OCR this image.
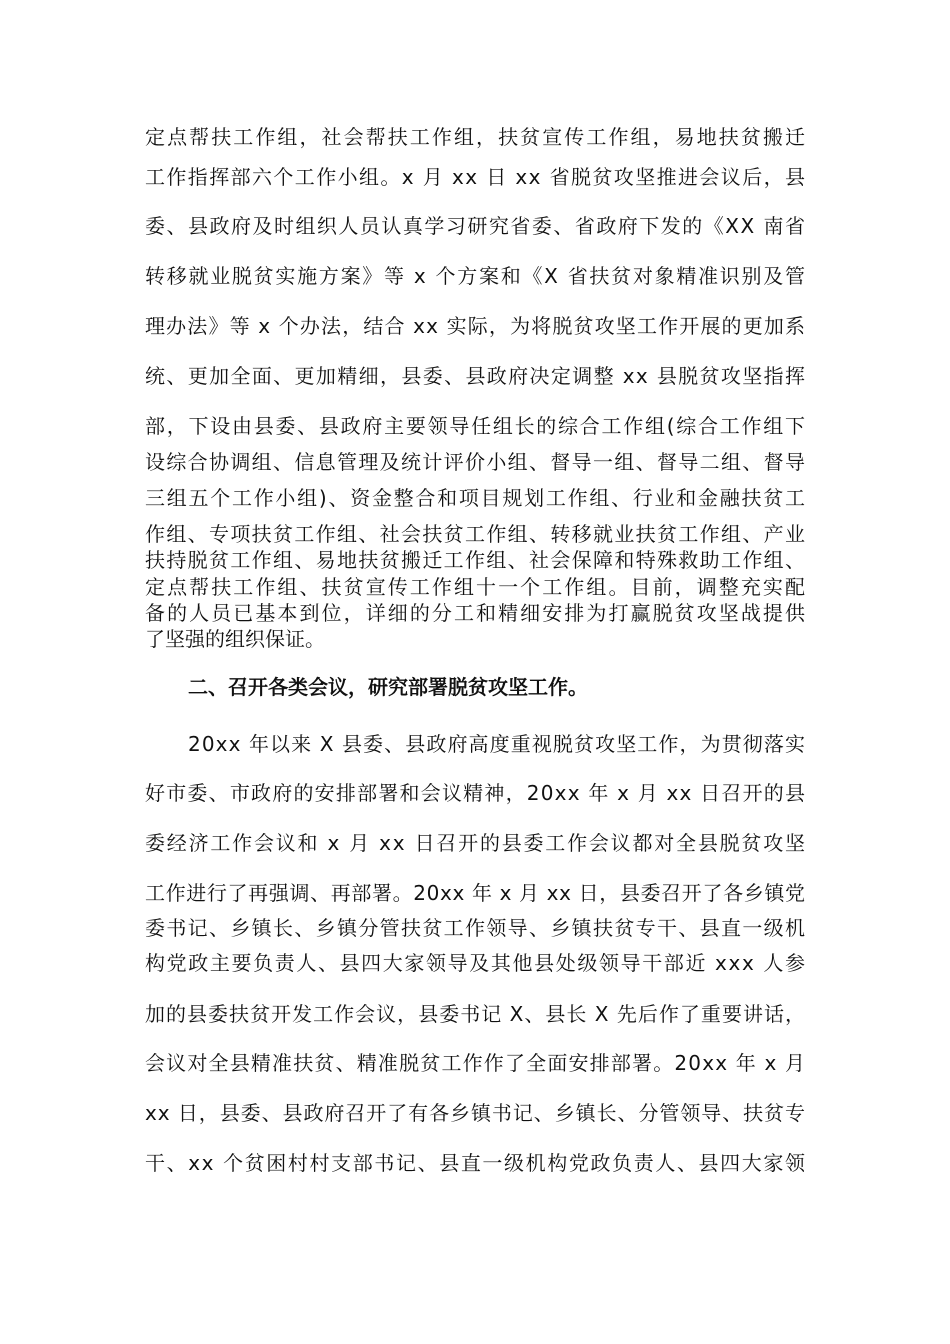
定点帮扶工作组，社会帮扶工作组，扶贫宣传工作组，易地扶贫搬迁
工作指挥部六个工作小组。x 月 xx 日 xx 省脱贫攻坚推进会议后，县
委、县政府及时组织人员认真学习研究省委、省政府下发的《XX 南省
转移就业脱贫实施方案》等 x 个方案和《X 省扶贫对象精准识别及管
理办法》等 x 个办法，结合 xx 实际，为将脱贫攻坚工作开展的更加系
统、更加全面、更加精细，县委、县政府决定调整 xx 县脱贫攻坚指挥
部，下设由县委、县政府主要领导任组长的综合工作组(综合工作组下
设综合协调组、信息管理及统计评价小组、督导一组、督导二组、督导
三组五个工作小组)、资金整合和项目规划工作组、行业和金融扶贫工
作组、专项扶贫工作组、社会扶贫工作组、转移就业扶贫工作组、产业
扶持脱贫工作组、易地扶贫搬迁工作组、社会保障和特殊救助工作组、
定点帮扶工作组、扶贫宣传工作组十一个工作组。目前，调整充实配
备的人员已基本到位，详细的分工和精细安排为打赢脱贫攻坚战提供
了坚强的组织保证。
二、召开各类会议，研究部署脱贫攻坚工作。
20xx 年以来 X 县委、县政府高度重视脱贫攻坚工作，为贯彻落实
好市委、市政府的安排部署和会议精神，20xx 年 x 月 xx 日召开的县
委经济工作会议和 x 月 xx 日召开的县委工作会议都对全县脱贫攻坚
工作进行了再强调、再部署。20xx 年 x 月 xx 日，县委召开了各乡镇党
委书记、乡镇长、乡镇分管扶贫工作领导、乡镇扶贫专干、县直一级机
构党政主要负责人、县四大家领导及其他县处级领导干部近 xxx 人参
加的县委扶贫开发工作会议，县委书记 X、县长 X 先后作了重要讲话，
会议对全县精准扶贫、精准脱贫工作作了全面安排部署。20xx 年 x 月
xx 日，县委、县政府召开了有各乡镇书记、乡镇长、分管领导、扶贫专
干、xx 个贫困村村支部书记、县直一级机构党政负责人、县四大家领
